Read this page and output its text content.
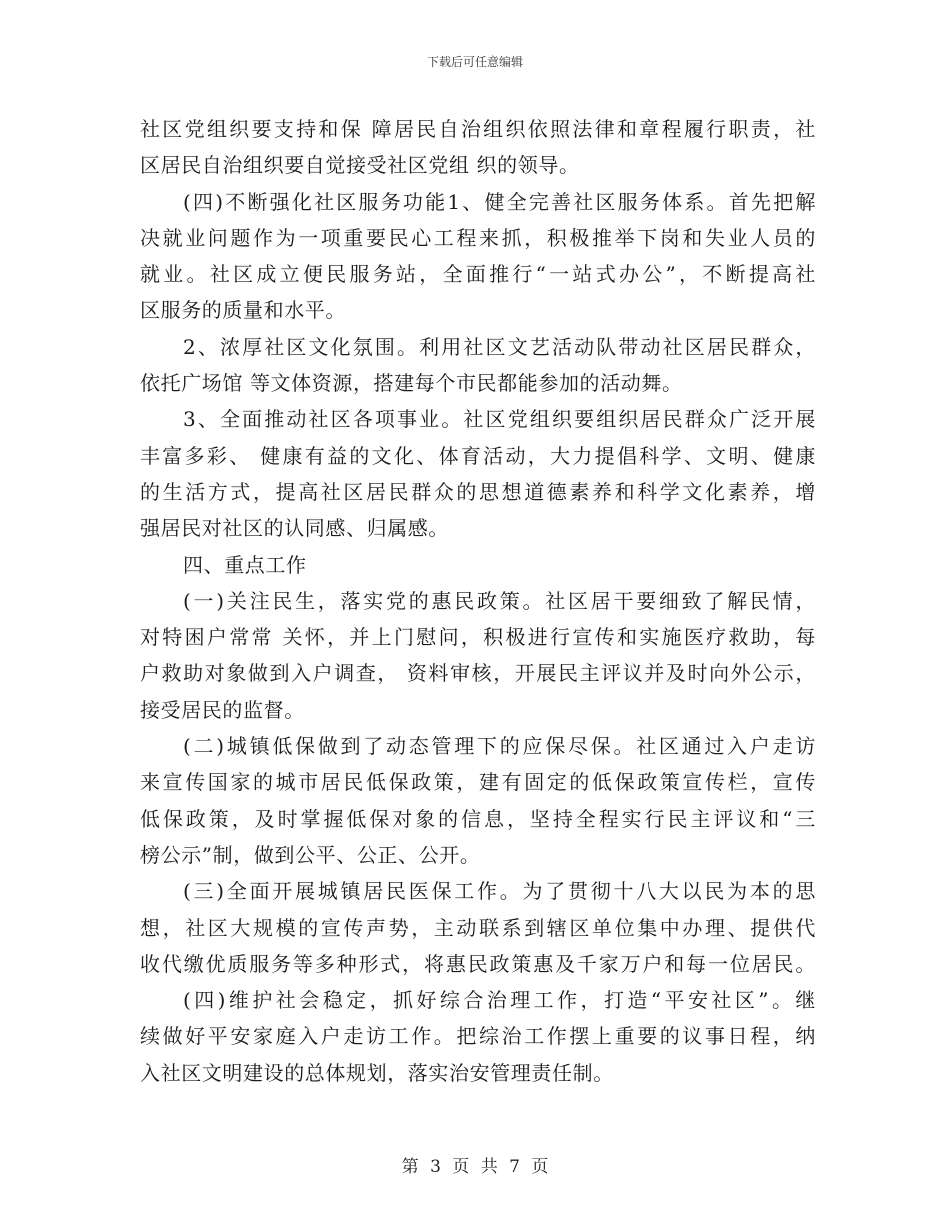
下载后可任意编辑
社区党组织要支持和保 障居民自治组织依照法律和章程履行职责，社
区居民自治组织要自觉接受社区党组 织的领导。
(四)不断强化社区服务功能1、健全完善社区服务体系。首先把解
决就业问题作为一项重要民心工程来抓，积极推举下岗和失业人员的
就业。社区成立便民服务站，全面推行“一站式办公”，不断提高社
区服务的质量和水平。
2、浓厚社区文化氛围。利用社区文艺活动队带动社区居民群众，
依托广场馆 等文体资源，搭建每个市民都能参加的活动舞。
3、全面推动社区各项事业。社区党组织要组织居民群众广泛开展
丰富多彩、 健康有益的文化、体育活动，大力提倡科学、文明、健康
的生活方式，提高社区居民群众的思想道德素养和科学文化素养，增
强居民对社区的认同感、归属感。
四、重点工作
(一)关注民生，落实党的惠民政策。社区居干要细致了解民情，
对特困户常常 关怀，并上门慰问，积极进行宣传和实施医疗救助，每
户救助对象做到入户调查， 资料审核，开展民主评议并及时向外公示，
接受居民的监督。
(二)城镇低保做到了动态管理下的应保尽保。社区通过入户走访
来宣传国家的城市居民低保政策，建有固定的低保政策宣传栏，宣传
低保政策，及时掌握低保对象的信息，坚持全程实行民主评议和“三
榜公示”制，做到公平、公正、公开。
(三)全面开展城镇居民医保工作。为了贯彻十八大以民为本的思
想，社区大规模的宣传声势，主动联系到辖区单位集中办理、提供代
收代缴优质服务等多种形式，将惠民政策惠及千家万户和每一位居民。
(四)维护社会稳定，抓好综合治理工作，打造“平安社区”。继
续做好平安家庭入户走访工作。把综治工作摆上重要的议事日程，纳
入社区文明建设的总体规划，落实治安管理责任制。
第 3 页 共 7 页
